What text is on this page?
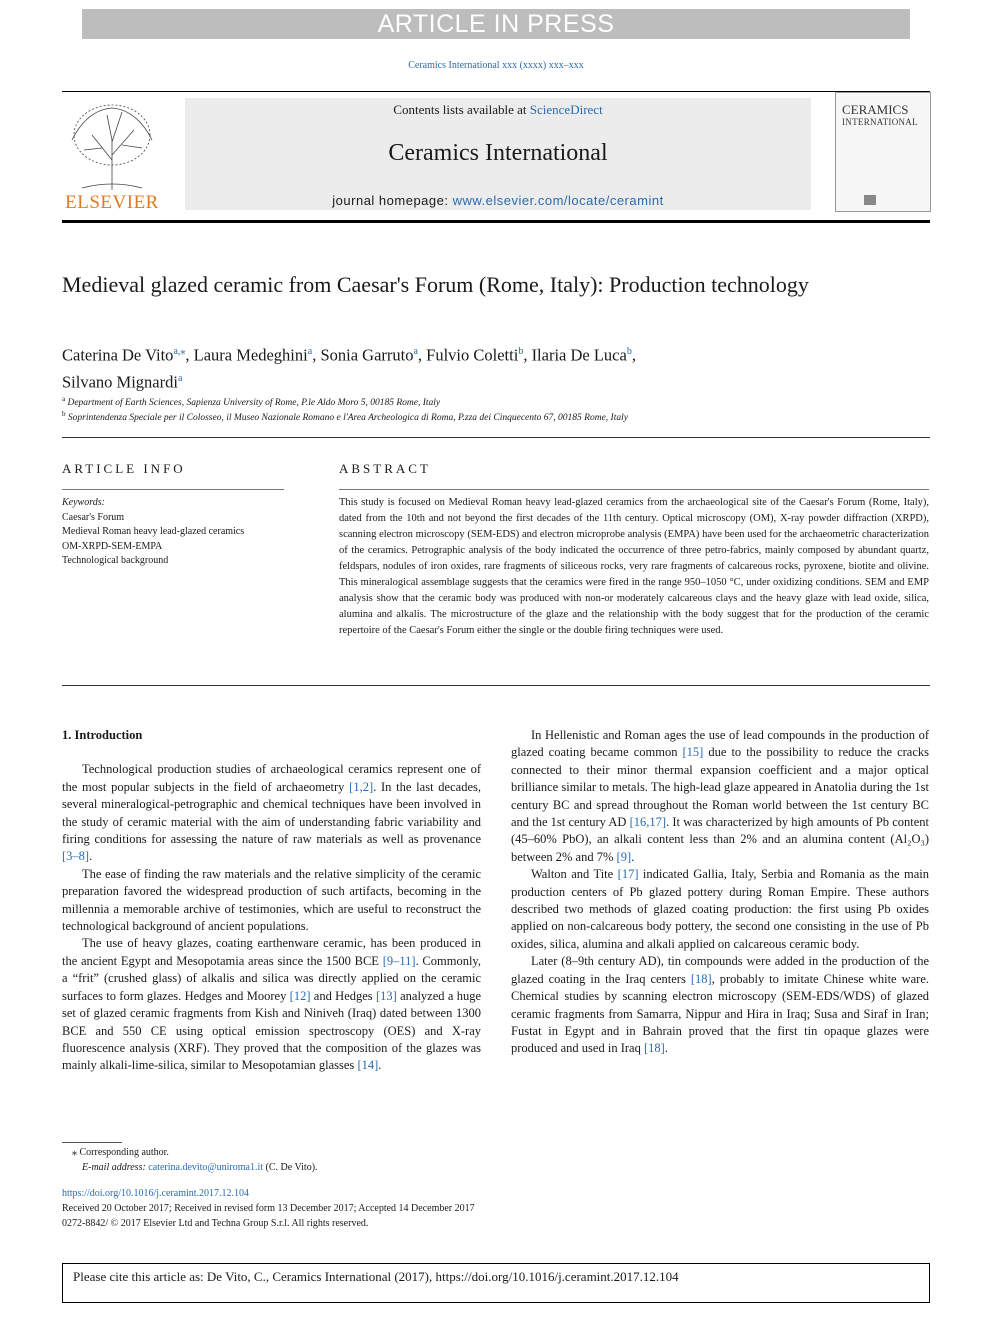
ARTICLE IN PRESS
Ceramics International xxx (xxxx) xxx–xxx
ELSEVIER
Contents lists available at ScienceDirect
Ceramics International
journal homepage: www.elsevier.com/locate/ceramint
CERAMICS
INTERNATIONAL
Medieval glazed ceramic from Caesar's Forum (Rome, Italy): Production technology
Caterina De Vito$^{a,⁎}$, Laura Medeghini$^a$, Sonia Garruto$^a$, Fulvio Coletti$^b$, Ilaria De Luca$^b$,
Silvano Mignardi$^a$
$^a$ Department of Earth Sciences, Sapienza University of Rome, P.le Aldo Moro 5, 00185 Rome, Italy
$^b$ Soprintendenza Speciale per il Colosseo, il Museo Nazionale Romano e l'Area Archeologica di Roma, P.zza dei Cinquecento 67, 00185 Rome, Italy
ARTICLE INFO
Keywords:
Caesar's Forum
Medieval Roman heavy lead-glazed ceramics
OM-XRPD-SEM-EMPA
Technological background
ABSTRACT
This study is focused on Medieval Roman heavy lead-glazed ceramics from the archaeological site of the Caesar's Forum (Rome, Italy), dated from the 10th and not beyond the first decades of the 11th century. Optical microscopy (OM), X-ray powder diffraction (XRPD), scanning electron microscopy (SEM-EDS) and electron microprobe analysis (EMPA) have been used for the archaeometric characterization of the ceramics. Petrographic analysis of the body indicated the occurrence of three petro-fabrics, mainly composed by abundant quartz, feldspars, nodules of iron oxides, rare fragments of siliceous rocks, very rare fragments of calcareous rocks, pyroxene, biotite and olivine. This mineralogical assemblage suggests that the ceramics were fired in the range 950–1050 °C, under oxidizing conditions. SEM and EMP analysis show that the ceramic body was produced with non-or moderately calcareous clays and the heavy glaze with lead oxide, silica, alumina and alkalis. The microstructure of the glaze and the relationship with the body suggest that for the production of the ceramic repertoire of the Caesar's Forum either the single or the double firing techniques were used.

1. Introduction

Technological production studies of archaeological ceramics represent one of the most popular subjects in the field of archaeometry [1,2]. In the last decades, several mineralogical-petrographic and chemical techniques have been involved in the study of ceramic material with the aim of understanding fabric variability and firing conditions for assessing the nature of raw materials as well as provenance [3–8].

The ease of finding the raw materials and the relative simplicity of the ceramic preparation favored the widespread production of such artifacts, becoming in the millennia a memorable archive of testimonies, which are useful to reconstruct the technological background of ancient populations.

The use of heavy glazes, coating earthenware ceramic, has been produced in the ancient Egypt and Mesopotamia areas since the 1500 BCE [9–11]. Commonly, a “frit” (crushed glass) of alkalis and silica was directly applied on the ceramic surfaces to form glazes. Hedges and Moorey [12] and Hedges [13] analyzed a huge set of glazed ceramic fragments from Kish and Niniveh (Iraq) dated between 1300 BCE and 550 CE using optical emission spectroscopy (OES) and X-ray fluorescence analysis (XRF). They proved that the composition of the glazes was mainly alkali-lime-silica, similar to Mesopotamian glasses [14].

In Hellenistic and Roman ages the use of lead compounds in the production of glazed coating became common [15] due to the possibility to reduce the cracks connected to their minor thermal expansion coefficient and a major optical brilliance similar to metals. The high-lead glaze appeared in Anatolia during the 1st century BC and spread throughout the Roman world between the 1st century BC and the 1st century AD [16,17]. It was characterized by high amounts of Pb content (45–60% PbO), an alkali content less than 2% and an alumina content (Al₂O₃) between 2% and 7% [9].

Walton and Tite [17] indicated Gallia, Italy, Serbia and Romania as the main production centers of Pb glazed pottery during Roman Empire. These authors described two methods of glazed coating production: the first using Pb oxides applied on non-calcareous body pottery, the second one consisting in the use of Pb oxides, silica, alumina and alkali applied on calcareous ceramic body.

Later (8–9th century AD), tin compounds were added in the production of the glazed coating in the Iraq centers [18], probably to imitate Chinese white ware. Chemical studies by scanning electron microscopy (SEM-EDS/WDS) of glazed ceramic fragments from Samarra, Nippur and Hira in Iraq; Susa and Siraf in Iran; Fustat in Egypt and in Bahrain proved that the first tin opaque glazes were produced and used in Iraq [18].

⁎ Corresponding author.
E-mail address: caterina.devito@uniroma1.it (C. De Vito).
https://doi.org/10.1016/j.ceramint.2017.12.104
Received 20 October 2017; Received in revised form 13 December 2017; Accepted 14 December 2017
0272-8842/ © 2017 Elsevier Ltd and Techna Group S.r.l. All rights reserved.
Please cite this article as: De Vito, C., Ceramics International (2017), https://doi.org/10.1016/j.ceramint.2017.12.104
